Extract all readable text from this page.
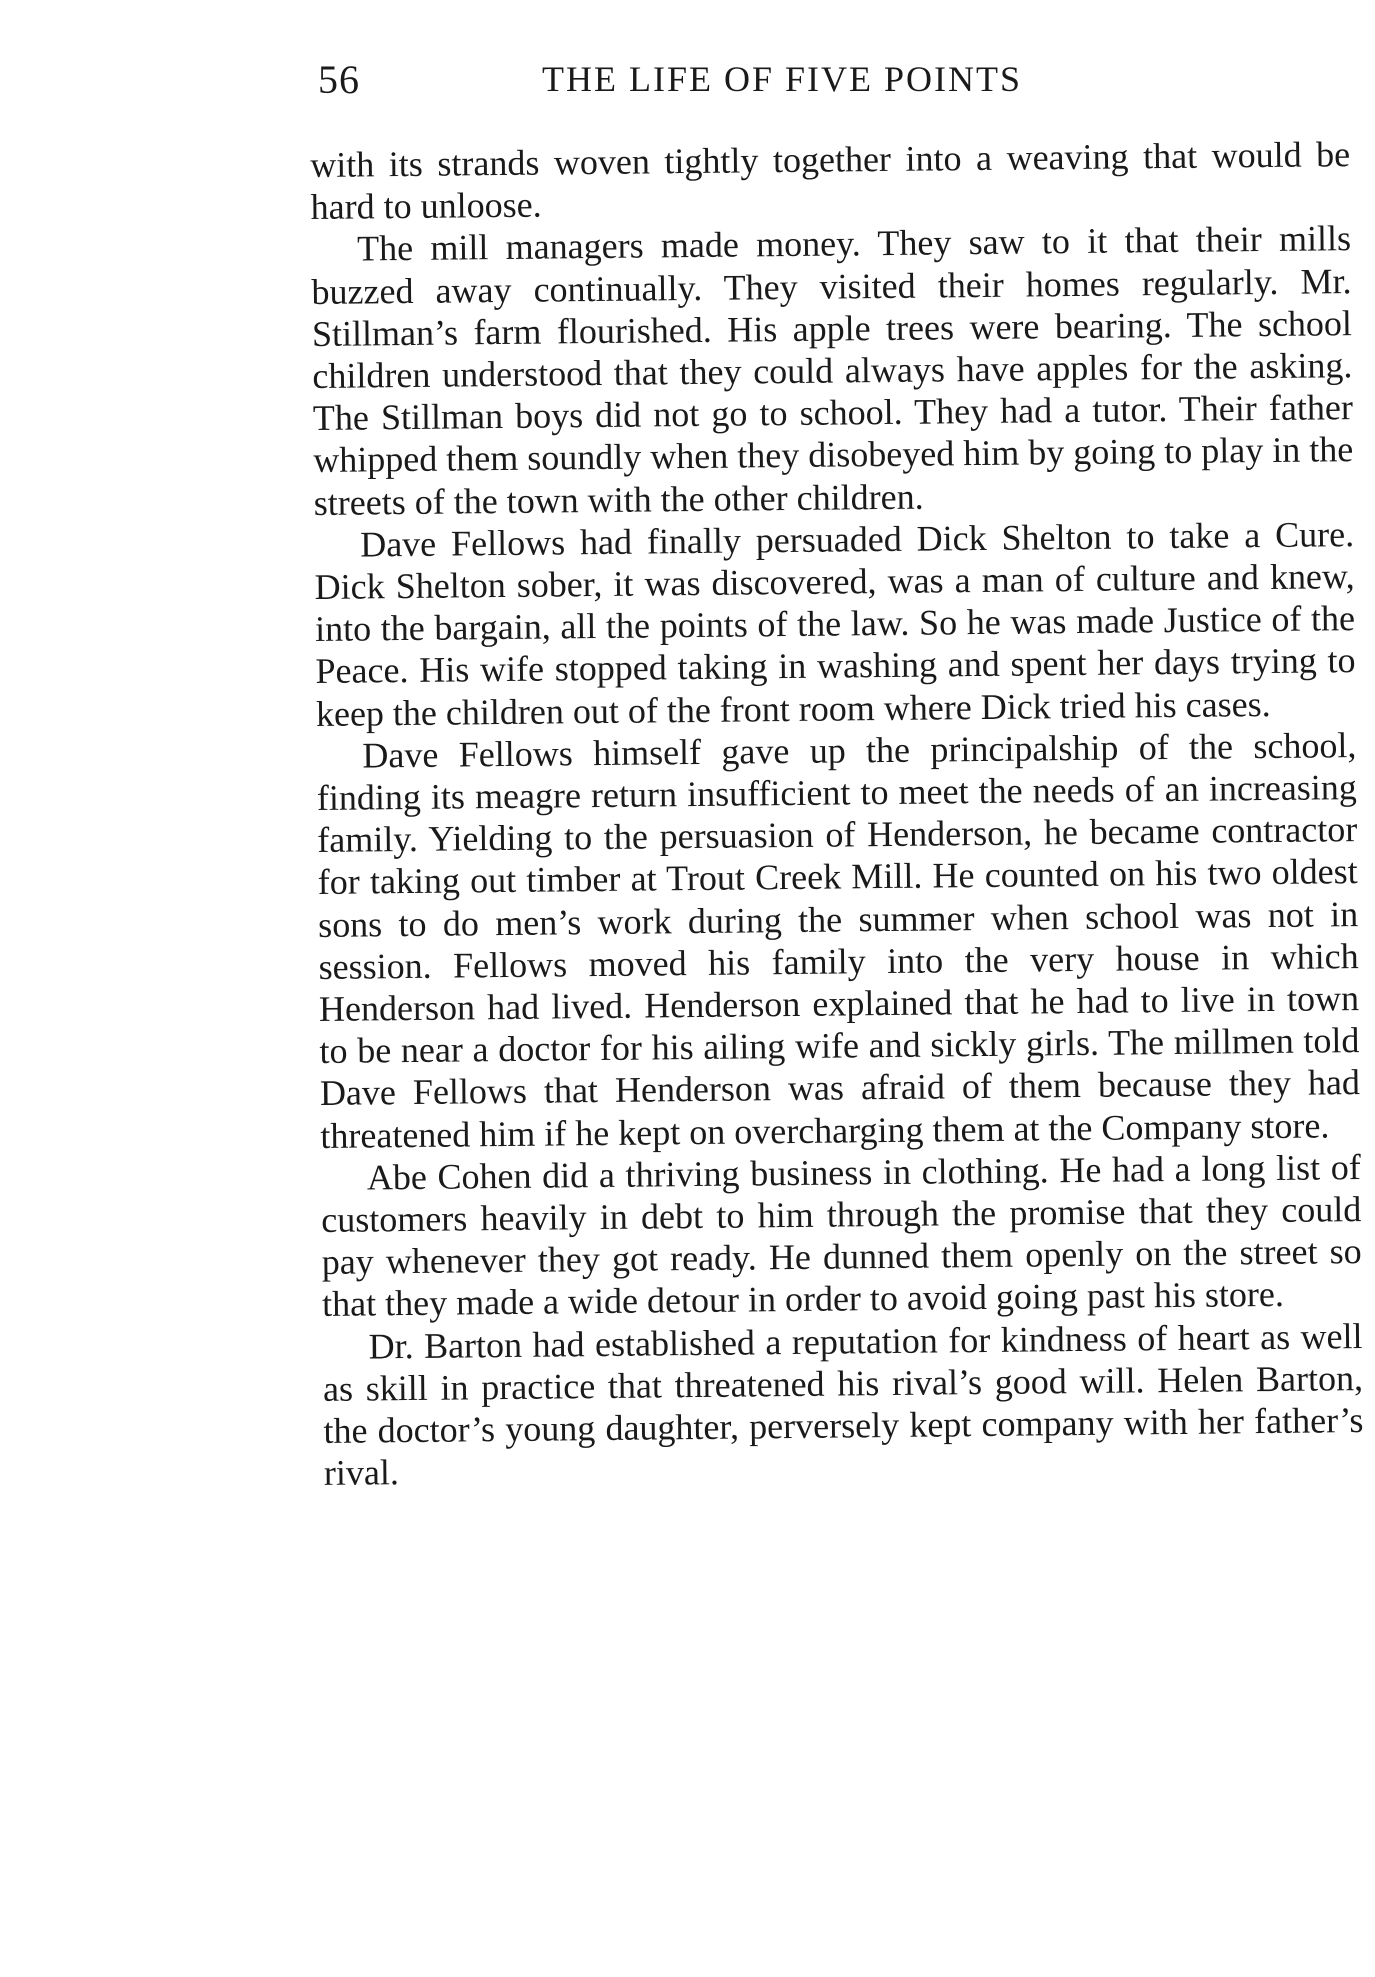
56	THE LIFE OF FIVE POINTS

with its strands woven tightly together into a weaving that would be hard to unloose.

The mill managers made money. They saw to it that their mills buzzed away continually. They visited their homes regularly. Mr. Stillman’s farm flourished. His apple trees were bearing. The school children understood that they could always have apples for the asking. The Stillman boys did not go to school. They had a tutor. Their father whipped them soundly when they disobeyed him by going to play in the streets of the town with the other children.

Dave Fellows had finally persuaded Dick Shelton to take a Cure. Dick Shelton sober, it was discovered, was a man of culture and knew, into the bargain, all the points of the law. So he was made Justice of the Peace. His wife stopped taking in washing and spent her days trying to keep the children out of the front room where Dick tried his cases.

Dave Fellows himself gave up the principalship of the school, finding its meagre return insufficient to meet the needs of an increasing family. Yielding to the persuasion of Henderson, he became contractor for taking out timber at Trout Creek Mill. He counted on his two oldest sons to do men’s work during the summer when school was not in session. Fellows moved his family into the very house in which Henderson had lived. Henderson explained that he had to live in town to be near a doctor for his ailing wife and sickly girls. The millmen told Dave Fellows that Henderson was afraid of them because they had threatened him if he kept on overcharging them at the Company store.

Abe Cohen did a thriving business in clothing. He had a long list of customers heavily in debt to him through the promise that they could pay whenever they got ready. He dunned them openly on the street so that they made a wide detour in order to avoid going past his store.

Dr. Barton had established a reputation for kindness of heart as well as skill in practice that threatened his rival’s good will. Helen Barton, the doctor’s young daughter, perversely kept company with her father’s rival.
